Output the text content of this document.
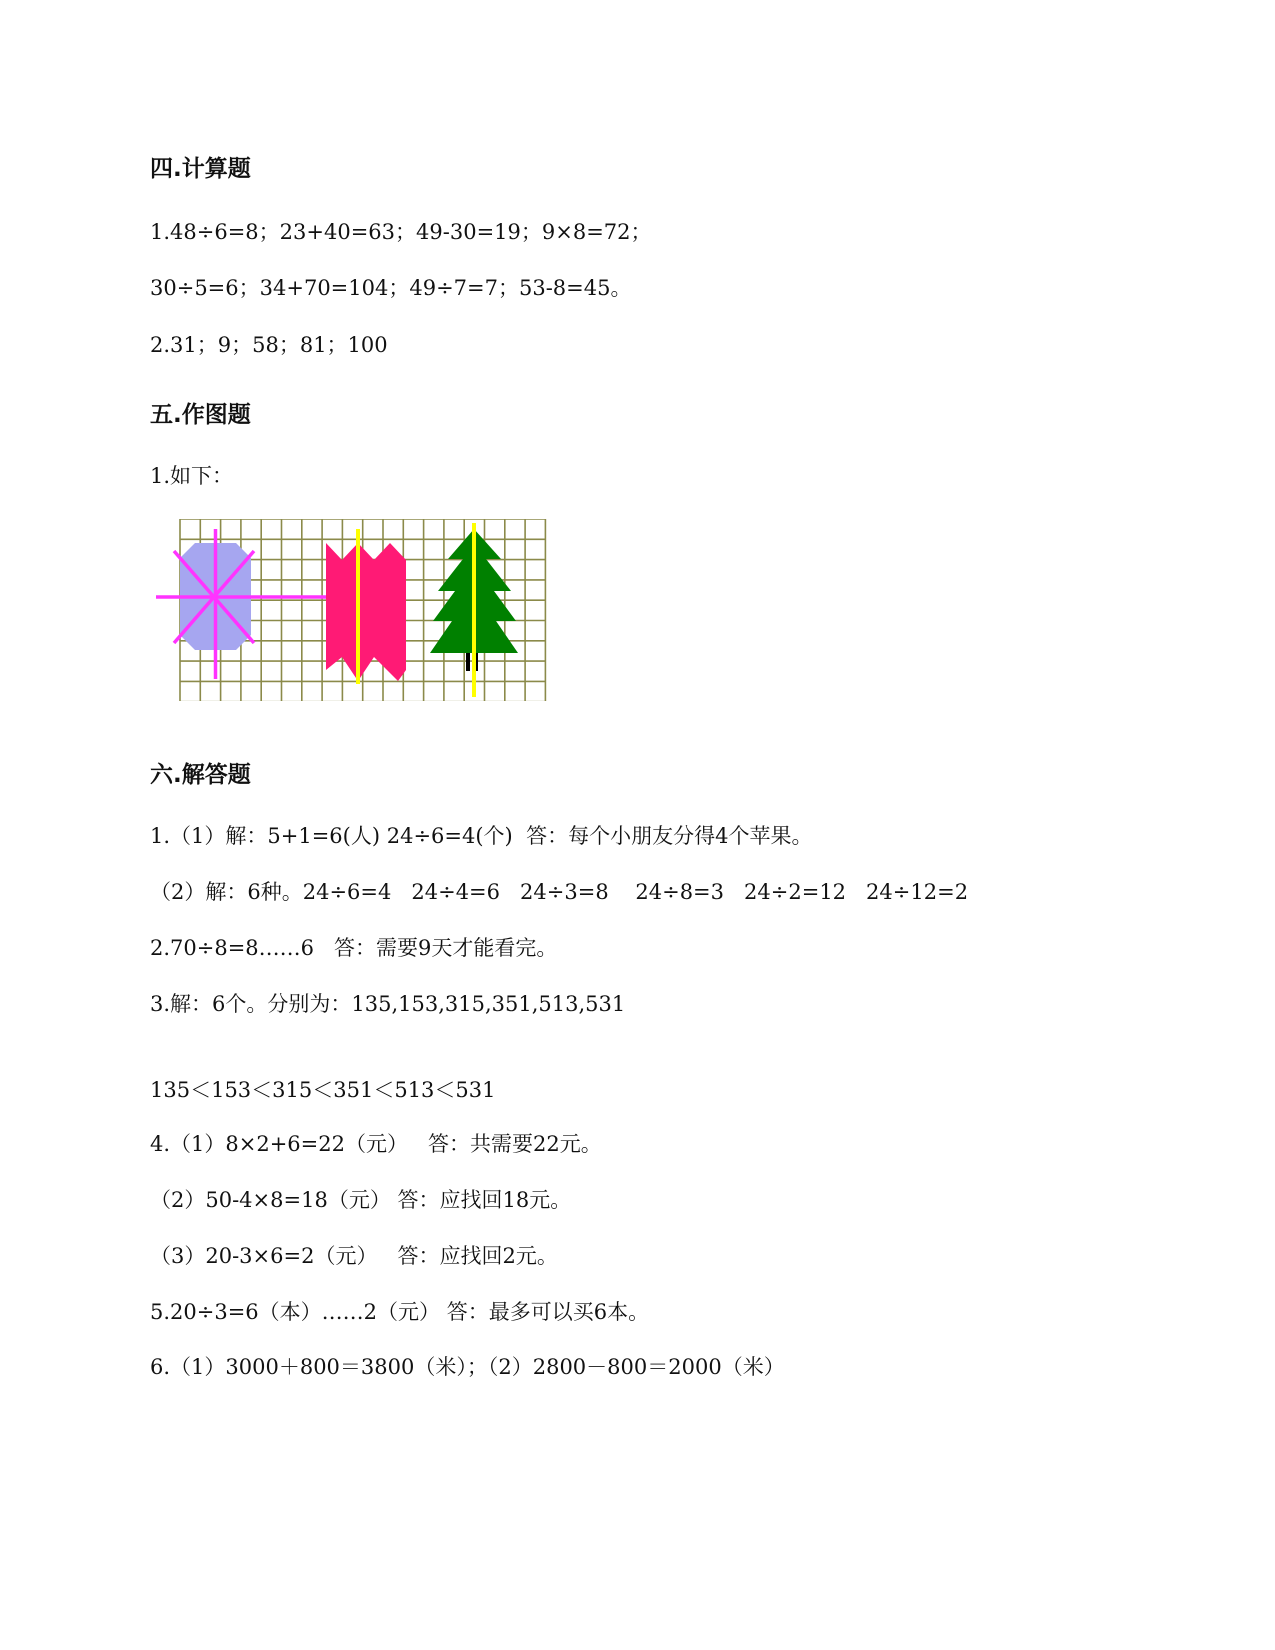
四.计算题

1.48÷6=8；23+40=63；49-30=19；9×8=72；

30÷5=6；34+70=104；49÷7=7；53-8=45。

2.31；9；58；81；100

五.作图题

1.如下：

六.解答题

1.（1）解：5+1=6(人) 24÷6=4(个)  答：每个小朋友分得4个苹果。

（2）解：6种。24÷6=4   24÷4=6   24÷3=8    24÷8=3   24÷2=12   24÷12=2

2.70÷8=8……6   答：需要9天才能看完。

3.解：6个。分别为：135,153,315,351,513,531

135＜153＜315＜351＜513＜531

4.（1）8×2+6=22（元）   答：共需要22元。

（2）50-4×8=18（元） 答：应找回18元。

（3）20-3×6=2（元）   答：应找回2元。

5.20÷3=6（本）……2（元） 答：最多可以买6本。

6.（1）3000＋800＝3800（米）；（2）2800－800＝2000（米）
